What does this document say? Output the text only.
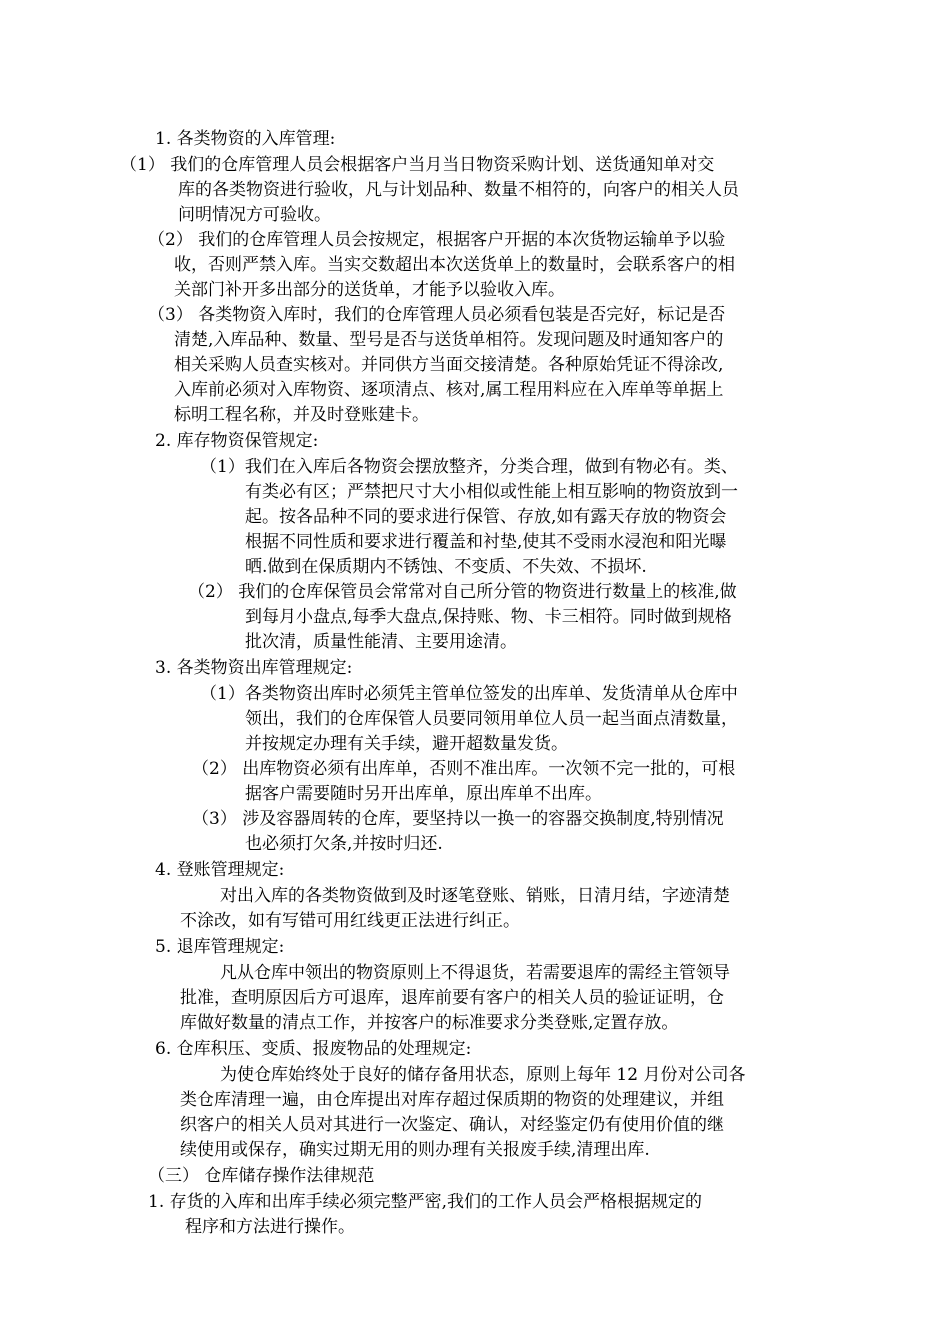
1. 各类物资的入库管理:
（1） 我们的仓库管理人员会根据客户当月当日物资采购计划、送货通知单对交
库的各类物资进行验收，凡与计划品种、数量不相符的，向客户的相关人员
问明情况方可验收。
（2） 我们的仓库管理人员会按规定，根据客户开据的本次货物运输单予以验
收，否则严禁入库。当实交数超出本次送货单上的数量时，会联系客户的相
关部门补开多出部分的送货单，才能予以验收入库。
（3） 各类物资入库时，我们的仓库管理人员必须看包装是否完好，标记是否
清楚,入库品种、数量、型号是否与送货单相符。发现问题及时通知客户的
相关采购人员查实核对。并同供方当面交接清楚。各种原始凭证不得涂改,
入库前必须对入库物资、逐项清点、核对,属工程用料应在入库单等单据上
标明工程名称，并及时登账建卡。
2. 库存物资保管规定:
（1）我们在入库后各物资会摆放整齐，分类合理，做到有物必有。类、
有类必有区；严禁把尺寸大小相似或性能上相互影响的物资放到一
起。按各品种不同的要求进行保管、存放,如有露天存放的物资会
根据不同性质和要求进行覆盖和衬垫,使其不受雨水浸泡和阳光曝
晒.做到在保质期内不锈蚀、不变质、不失效、不损坏.
（2） 我们的仓库保管员会常常对自己所分管的物资进行数量上的核准,做
到每月小盘点,每季大盘点,保持账、物、卡三相符。同时做到规格
批次清，质量性能清、主要用途清。
3. 各类物资出库管理规定:
（1）各类物资出库时必须凭主管单位签发的出库单、发货清单从仓库中
领出，我们的仓库保管人员要同领用单位人员一起当面点清数量，
并按规定办理有关手续，避开超数量发货。
（2） 出库物资必须有出库单，否则不准出库。一次领不完一批的，可根
据客户需要随时另开出库单，原出库单不出库。
（3） 涉及容器周转的仓库，要坚持以一换一的容器交换制度,特别情况
也必须打欠条,并按时归还.
4. 登账管理规定:
对出入库的各类物资做到及时逐笔登账、销账，日清月结，字迹清楚
不涂改，如有写错可用红线更正法进行纠正。
5. 退库管理规定:
凡从仓库中领出的物资原则上不得退货，若需要退库的需经主管领导
批准，查明原因后方可退库，退库前要有客户的相关人员的验证证明，仓
库做好数量的清点工作，并按客户的标准要求分类登账,定置存放。
6. 仓库积压、变质、报废物品的处理规定:
为使仓库始终处于良好的储存备用状态，原则上每年 12 月份对公司各
类仓库清理一遍，由仓库提出对库存超过保质期的物资的处理建议，并组
织客户的相关人员对其进行一次鉴定、确认，对经鉴定仍有使用价值的继
续使用或保存，确实过期无用的则办理有关报废手续,清理出库.
（三） 仓库储存操作法律规范
1. 存货的入库和出库手续必须完整严密,我们的工作人员会严格根据规定的
程序和方法进行操作。
